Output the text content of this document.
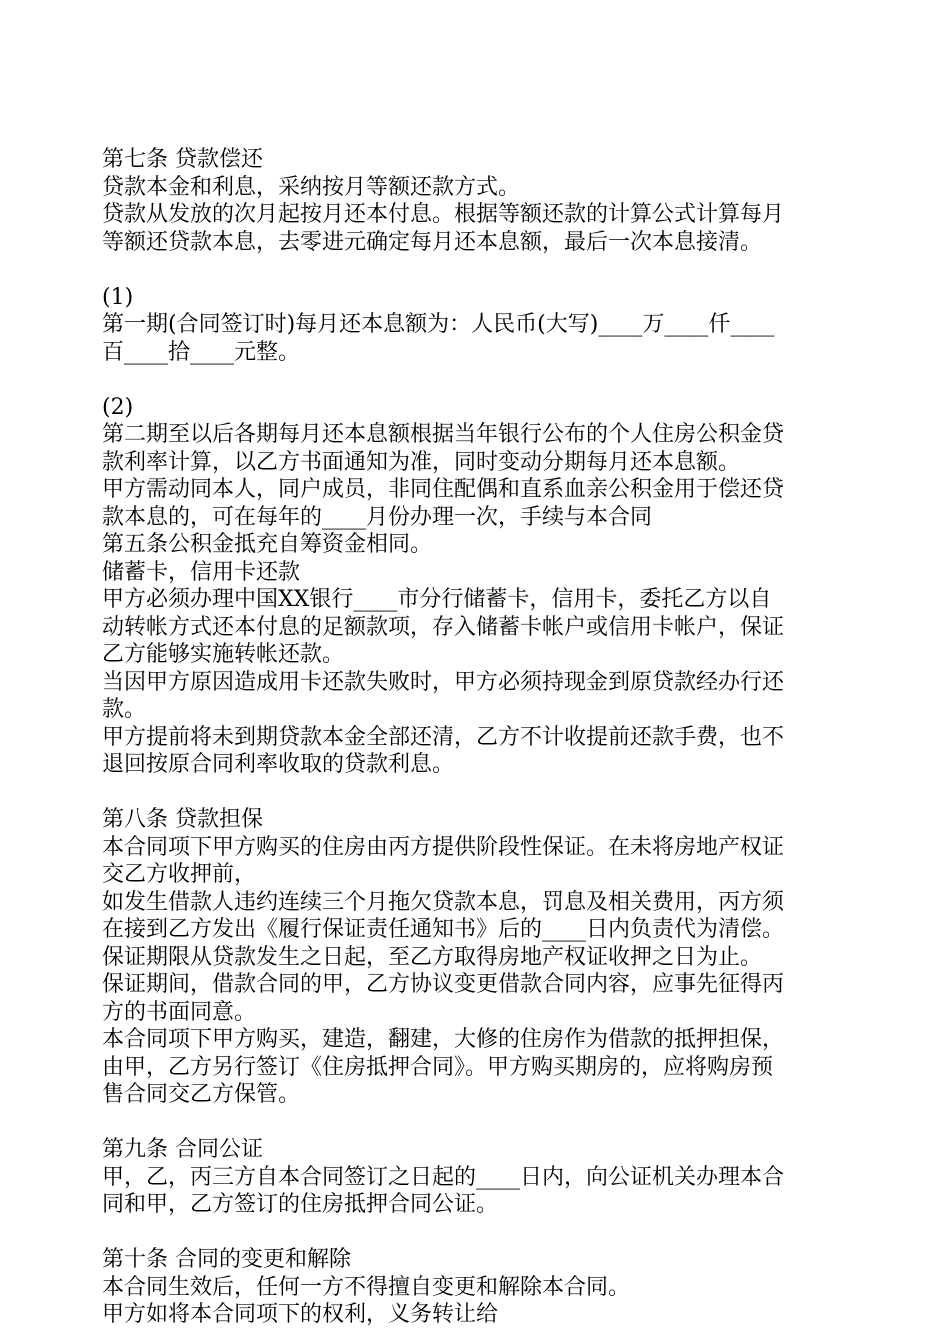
第七条 贷款偿还
贷款本金和利息，采纳按月等额还款方式。
贷款从发放的次月起按月还本付息。根据等额还款的计算公式计算每月
等额还贷款本息，去零进元确定每月还本息额，最后一次本息接清。
(1)
第一期(合同签订时)每月还本息额为：人民币(大写)____万____仟____
百____拾____元整。
(2)
第二期至以后各期每月还本息额根据当年银行公布的个人住房公积金贷
款利率计算，以乙方书面通知为准，同时变动分期每月还本息额。
甲方需动同本人，同户成员，非同住配偶和直系血亲公积金用于偿还贷
款本息的，可在每年的____月份办理一次，手续与本合同
第五条公积金抵充自筹资金相同。
储蓄卡，信用卡还款
甲方必须办理中国XX银行____市分行储蓄卡，信用卡，委托乙方以自
动转帐方式还本付息的足额款项，存入储蓄卡帐户或信用卡帐户，保证
乙方能够实施转帐还款。
当因甲方原因造成用卡还款失败时，甲方必须持现金到原贷款经办行还
款。
甲方提前将未到期贷款本金全部还清，乙方不计收提前还款手费，也不
退回按原合同利率收取的贷款利息。
第八条 贷款担保
本合同项下甲方购买的住房由丙方提供阶段性保证。在未将房地产权证
交乙方收押前，
如发生借款人违约连续三个月拖欠贷款本息，罚息及相关费用，丙方须
在接到乙方发出《履行保证责任通知书》后的____日内负责代为清偿。
保证期限从贷款发生之日起，至乙方取得房地产权证收押之日为止。
保证期间，借款合同的甲，乙方协议变更借款合同内容，应事先征得丙
方的书面同意。
本合同项下甲方购买，建造，翻建，大修的住房作为借款的抵押担保，
由甲，乙方另行签订《住房抵押合同》。甲方购买期房的，应将购房预
售合同交乙方保管。
第九条 合同公证
甲，乙，丙三方自本合同签订之日起的____日内，向公证机关办理本合
同和甲，乙方签订的住房抵押合同公证。
第十条 合同的变更和解除
本合同生效后，任何一方不得擅自变更和解除本合同。
甲方如将本合同项下的权利，义务转让给
